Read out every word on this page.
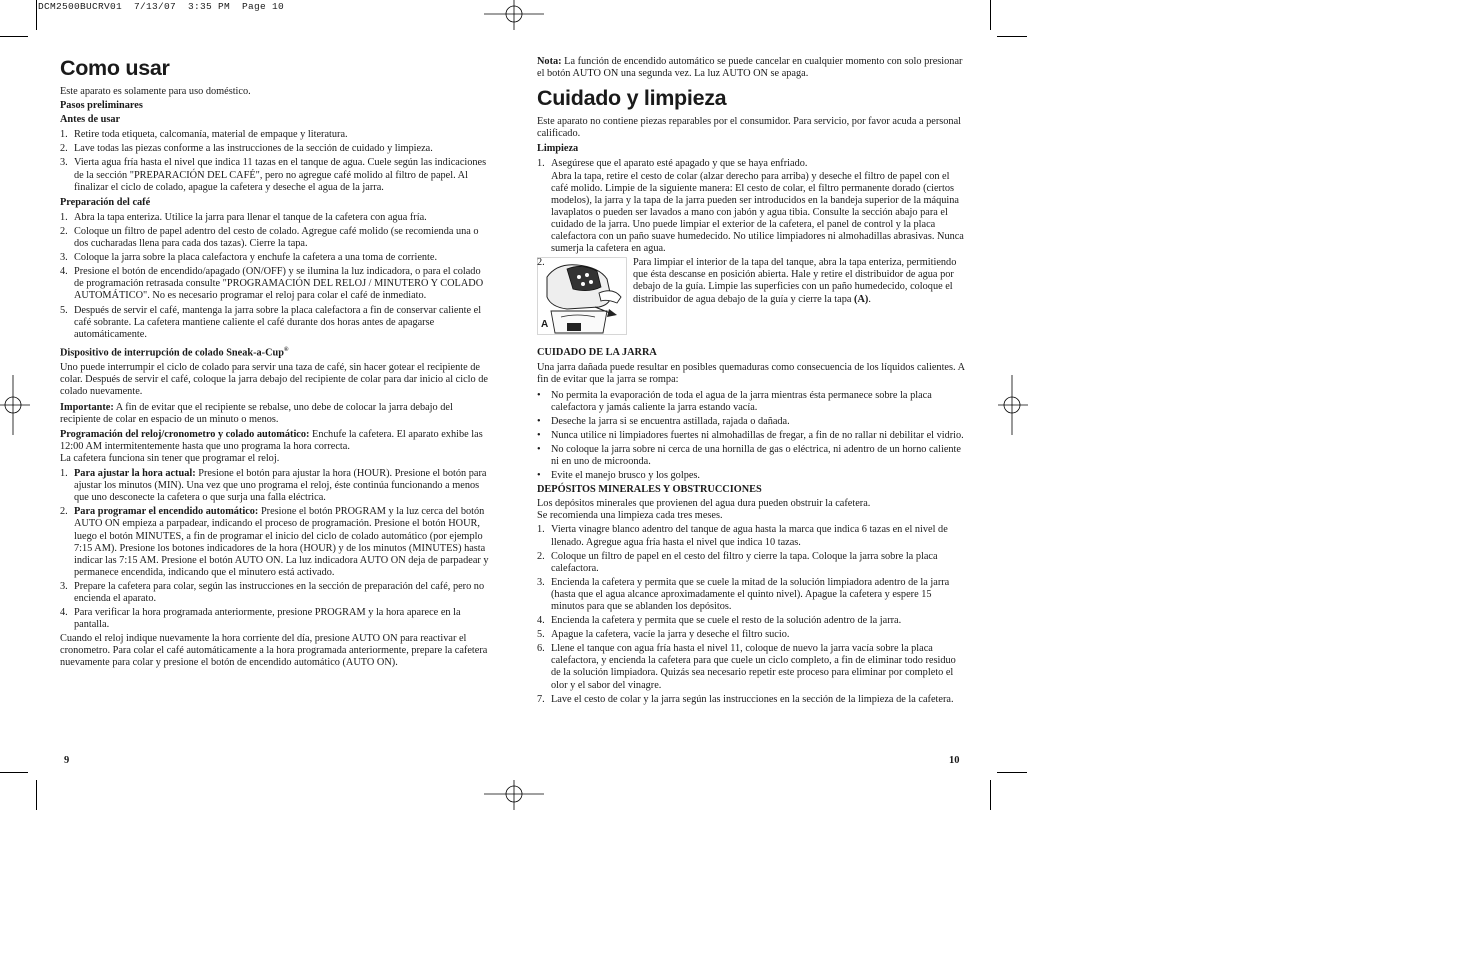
DCM2500BUCRV01  7/13/07  3:35 PM  Page 10
Como usar

Este aparato es solamente para uso doméstico.

Pasos preliminares

Antes de usar

1. Retire toda etiqueta, calcomanía, material de empaque y literatura.
2. Lave todas las piezas conforme a las instrucciones de la sección de cuidado y limpieza.
3. Vierta agua fría hasta el nivel que indica 11 tazas en el tanque de agua. Cuele según las indicaciones de la sección "PREPARACIÓN DEL CAFÉ", pero no agregue café molido al filtro de papel. Al finalizar el ciclo de colado, apague la cafetera y deseche el agua de la jarra.

Preparación del café

1. Abra la tapa enteriza. Utilice la jarra para llenar el tanque de la cafetera con agua fría.
2. Coloque un filtro de papel adentro del cesto de colado. Agregue café molido (se recomienda una o dos cucharadas llena para cada dos tazas). Cierre la tapa.
3. Coloque la jarra sobre la placa calefactora y enchufe la cafetera a una toma de corriente.
4. Presione el botón de encendido/apagado (ON/OFF) y se ilumina la luz indicadora, o para el colado de programación retrasada consulte "PROGRAMACIÓN DEL RELOJ / MINUTERO Y COLADO AUTOMÁTICO". No es necesario programar el reloj para colar el café de inmediato.
5. Después de servir el café, mantenga la jarra sobre la placa calefactora a fin de conservar caliente el café sobrante. La cafetera mantiene caliente el café durante dos horas antes de apagarse automáticamente.

Dispositivo de interrupción de colado Sneak-a-Cup®

Uno puede interrumpir el ciclo de colado para servir una taza de café, sin hacer gotear el recipiente de colar. Después de servir el café, coloque la jarra debajo del recipiente de colar para dar inicio al ciclo de colado nuevamente.

Importante: A fin de evitar que el recipiente se rebalse, uno debe de colocar la jarra debajo del recipiente de colar en espacio de un minuto o menos.

Programación del reloj/cronometro y colado automático: Enchufe la cafetera. El aparato exhibe las 12:00 AM intermitentemente hasta que uno programa la hora correcta.

La cafetera funciona sin tener que programar el reloj.

1. Para ajustar la hora actual: Presione el botón para ajustar la hora (HOUR). Presione el botón para ajustar los minutos (MIN). Una vez que uno programa el reloj, éste continúa funcionando a menos que uno desconecte la cafetera o que surja una falla eléctrica.
2. Para programar el encendido automático: Presione el botón PROGRAM y la luz cerca del botón AUTO ON empieza a parpadear, indicando el proceso de programación. Presione el botón HOUR, luego el botón MINUTES, a fin de programar el inicio del ciclo de colado automático (por ejemplo 7:15 AM). Presione los botones indicadores de la hora (HOUR) y de los minutos (MINUTES) hasta indicar las 7:15 AM. Presione el botón AUTO ON. La luz indicadora AUTO ON deja de parpadear y permanece encendida, indicando que el minutero está activado.
3. Prepare la cafetera para colar, según las instrucciones en la sección de preparación del café, pero no encienda el aparato.
4. Para verificar la hora programada anteriormente, presione PROGRAM y la hora aparece en la pantalla.

Cuando el reloj indique nuevamente la hora corriente del día, presione AUTO ON para reactivar el cronometro. Para colar el café automáticamente a la hora programada anteriormente, prepare la cafetera nuevamente para colar y presione el botón de encendido automático (AUTO ON).

9

Nota: La función de encendido automático se puede cancelar en cualquier momento con solo presionar el botón AUTO ON una segunda vez. La luz AUTO ON se apaga.

Cuidado y limpieza

Este aparato no contiene piezas reparables por el consumidor. Para servicio, por favor acuda a personal calificado.

Limpieza

1. Asegúrese que el aparato esté apagado y que se haya enfriado.
Abra la tapa, retire el cesto de colar (alzar derecho para arriba) y deseche el filtro de papel con el café molido. Limpie de la siguiente manera: El cesto de colar, el filtro permanente dorado (ciertos modelos), la jarra y la tapa de la jarra pueden ser introducidos en la bandeja superior de la máquina lavaplatos o pueden ser lavados a mano con jabón y agua tibia. Consulte la sección abajo para el cuidado de la jarra. Uno puede limpiar el exterior de la cafetera, el panel de control y la placa calefactora con un paño suave humedecido. No utilice limpiadores ni almohadillas abrasivas. Nunca sumerja la cafetera en agua.
A
2.	Para limpiar el interior de la tapa del tanque, abra la tapa enteriza, permitiendo que ésta descanse en posición abierta. Hale y retire el distribuidor de agua por debajo de la guía. Limpie las superficies con un paño humedecido, coloque el distribuidor de agua debajo de la guía y cierre la tapa (A).

CUIDADO DE LA JARRA

Una jarra dañada puede resultar en posibles quemaduras como consecuencia de los líquidos calientes. A fin de evitar que la jarra se rompa:

• No permita la evaporación de toda el agua de la jarra mientras ésta permanece sobre la placa calefactora y jamás caliente la jarra estando vacía.
• Deseche la jarra si se encuentra astillada, rajada o dañada.
• Nunca utilice ni limpiadores fuertes ni almohadillas de fregar, a fin de no rallar ni debilitar el vidrio.
• No coloque la jarra sobre ni cerca de una hornilla de gas o eléctrica, ni adentro de un horno caliente ni en uno de microonda.
• Evite el manejo brusco y los golpes.

DEPÓSITOS MINERALES Y OBSTRUCCIONES

Los depósitos minerales que provienen del agua dura pueden obstruir la cafetera.

Se recomienda una limpieza cada tres meses.

1. Vierta vinagre blanco adentro del tanque de agua hasta la marca que indica 6 tazas en el nivel de llenado. Agregue agua fría hasta el nivel que indica 10 tazas.
2. Coloque un filtro de papel en el cesto del filtro y cierre la tapa. Coloque la jarra sobre la placa calefactora.
3. Encienda la cafetera y permita que se cuele la mitad de la solución limpiadora adentro de la jarra (hasta que el agua alcance aproximadamente el quinto nivel). Apague la cafetera y espere 15 minutos para que se ablanden los depósitos.
4. Encienda la cafetera y permita que se cuele el resto de la solución adentro de la jarra.
5. Apague la cafetera, vacíe la jarra y deseche el filtro sucio.
6. Llene el tanque con agua fría hasta el nivel 11, coloque de nuevo la jarra vacía sobre la placa calefactora, y encienda la cafetera para que cuele un ciclo completo, a fin de eliminar todo residuo de la solución limpiadora. Quizás sea necesario repetir este proceso para eliminar por completo el olor y el sabor del vinagre.
7. Lave el cesto de colar y la jarra según las instrucciones en la sección de la limpieza de la cafetera.
10
